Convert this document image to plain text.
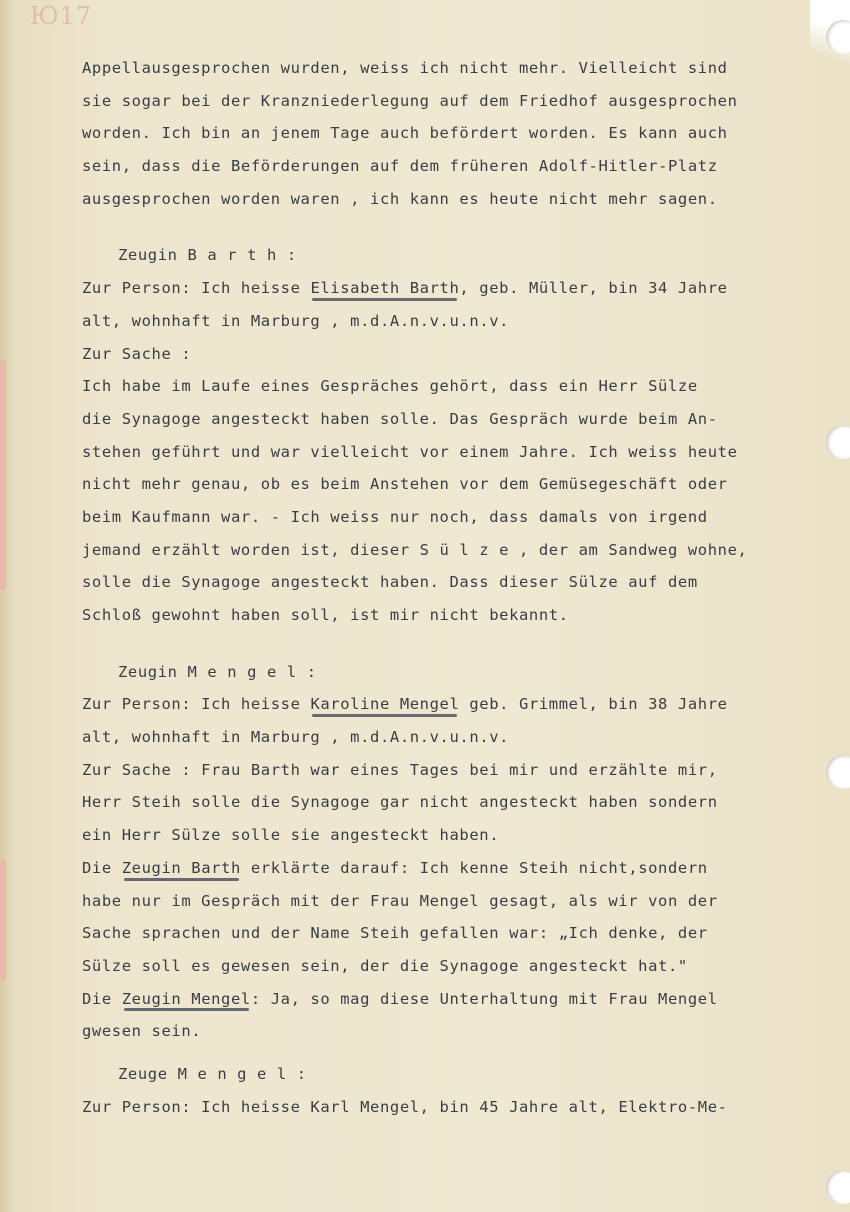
Ю17
Appellausgesprochen wurden, weiss ich nicht mehr. Vielleicht sind
sie sogar bei der Kranzniederlegung auf dem Friedhof ausgesprochen
worden. Ich bin an jenem Tage auch befördert worden. Es kann auch
sein, dass die Beförderungen auf dem früheren Adolf-Hitler-Platz
ausgesprochen worden waren , ich kann es heute nicht mehr sagen.
Zeugin B a r t h :
Zur Person: Ich heisse Elisabeth Barth, geb. Müller, bin 34 Jahre
alt, wohnhaft in Marburg , m.d.A.n.v.u.n.v.
Zur Sache :
Ich habe im Laufe eines Gespräches gehört, dass ein Herr Sülze
die Synagoge angesteckt haben solle. Das Gespräch wurde beim An-
stehen geführt und war vielleicht vor einem Jahre. Ich weiss heute
nicht mehr genau, ob es beim Anstehen vor dem Gemüsegeschäft oder
beim Kaufmann war. - Ich weiss nur noch, dass damals von irgend
jemand erzählt worden ist, dieser S ü l z e , der am Sandweg wohne,
solle die Synagoge angesteckt haben. Dass dieser Sülze auf dem
Schloß gewohnt haben soll, ist mir nicht bekannt.
Zeugin M e n g e l :
Zur Person: Ich heisse Karoline Mengel geb. Grimmel, bin 38 Jahre
alt, wohnhaft in Marburg , m.d.A.n.v.u.n.v.
Zur Sache : Frau Barth war eines Tages bei mir und erzählte mir,
Herr Steih solle die Synagoge gar nicht angesteckt haben sondern
ein Herr Sülze solle sie angesteckt haben.
Die Zeugin Barth erklärte darauf: Ich kenne Steih nicht,sondern
habe nur im Gespräch mit der Frau Mengel gesagt, als wir von der
Sache sprachen und der Name Steih gefallen war: „Ich denke, der
Sülze soll es gewesen sein, der die Synagoge angesteckt hat."
Die Zeugin Mengel: Ja, so mag diese Unterhaltung mit Frau Mengel
gwesen sein.
Zeuge M e n g e l :
Zur Person: Ich heisse Karl Mengel, bin 45 Jahre alt, Elektro-Me-
